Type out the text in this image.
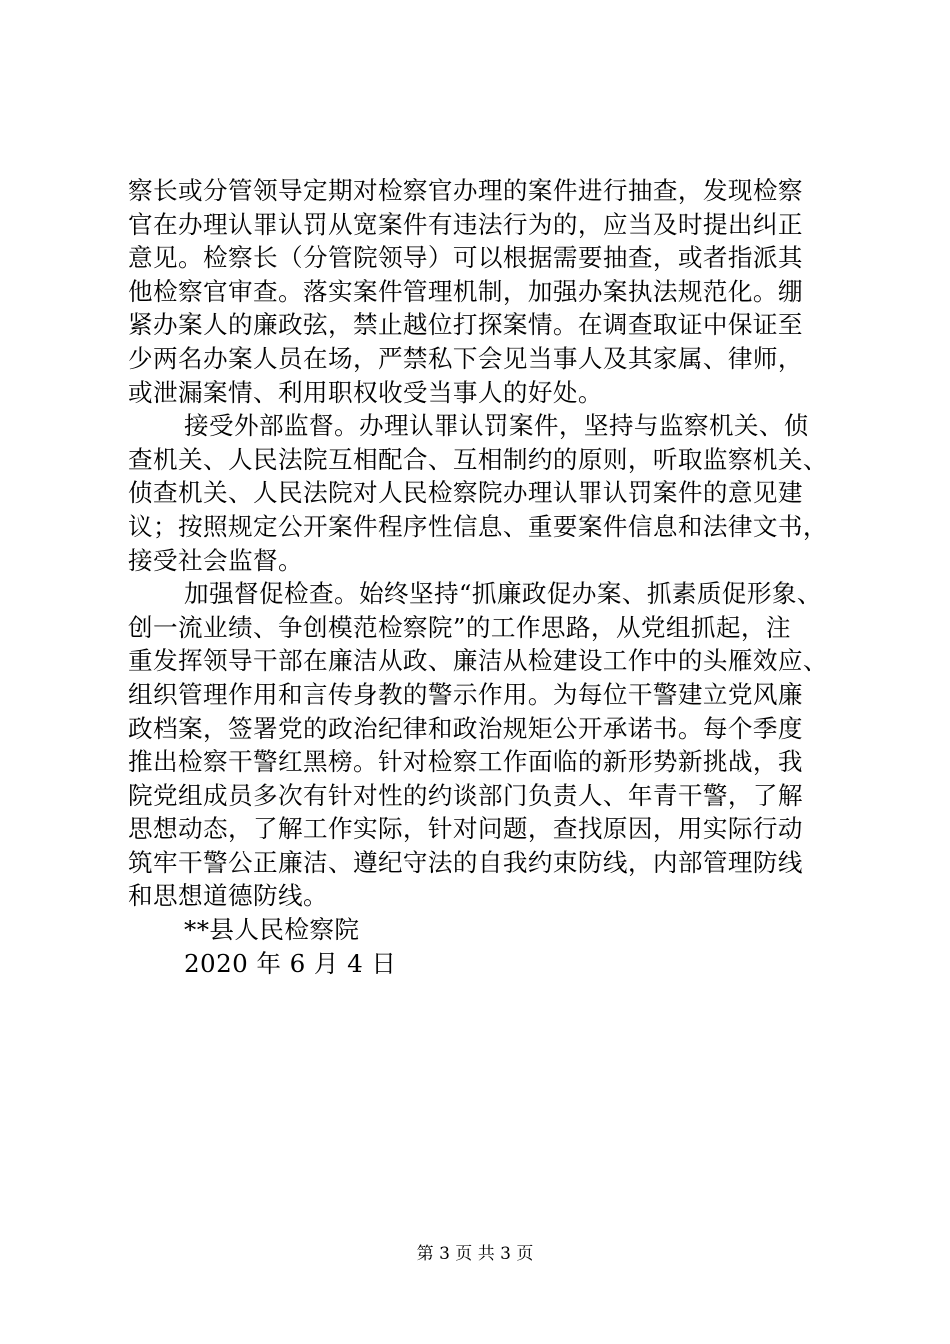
察长或分管领导定期对检察官办理的案件进行抽查，发现检察
官在办理认罪认罚从宽案件有违法行为的，应当及时提出纠正
意见。检察长（分管院领导）可以根据需要抽查，或者指派其
他检察官审查。落实案件管理机制，加强办案执法规范化。绷
紧办案人的廉政弦，禁止越位打探案情。在调查取证中保证至
少两名办案人员在场，严禁私下会见当事人及其家属、律师，
或泄漏案情、利用职权收受当事人的好处。
接受外部监督。办理认罪认罚案件，坚持与监察机关、侦
查机关、人民法院互相配合、互相制约的原则，听取监察机关、
侦查机关、人民法院对人民检察院办理认罪认罚案件的意见建
议；按照规定公开案件程序性信息、重要案件信息和法律文书，
接受社会监督。
加强督促检查。始终坚持“抓廉政促办案、抓素质促形象、
创一流业绩、争创模范检察院”的工作思路，从党组抓起，注
重发挥领导干部在廉洁从政、廉洁从检建设工作中的头雁效应、
组织管理作用和言传身教的警示作用。为每位干警建立党风廉
政档案，签署党的政治纪律和政治规矩公开承诺书。每个季度
推出检察干警红黑榜。针对检察工作面临的新形势新挑战，我
院党组成员多次有针对性的约谈部门负责人、年青干警，了解
思想动态，了解工作实际，针对问题，查找原因，用实际行动
筑牢干警公正廉洁、遵纪守法的自我约束防线，内部管理防线
和思想道德防线。
**县人民检察院
2020 年 6 月 4 日
第 3 页 共 3 页
